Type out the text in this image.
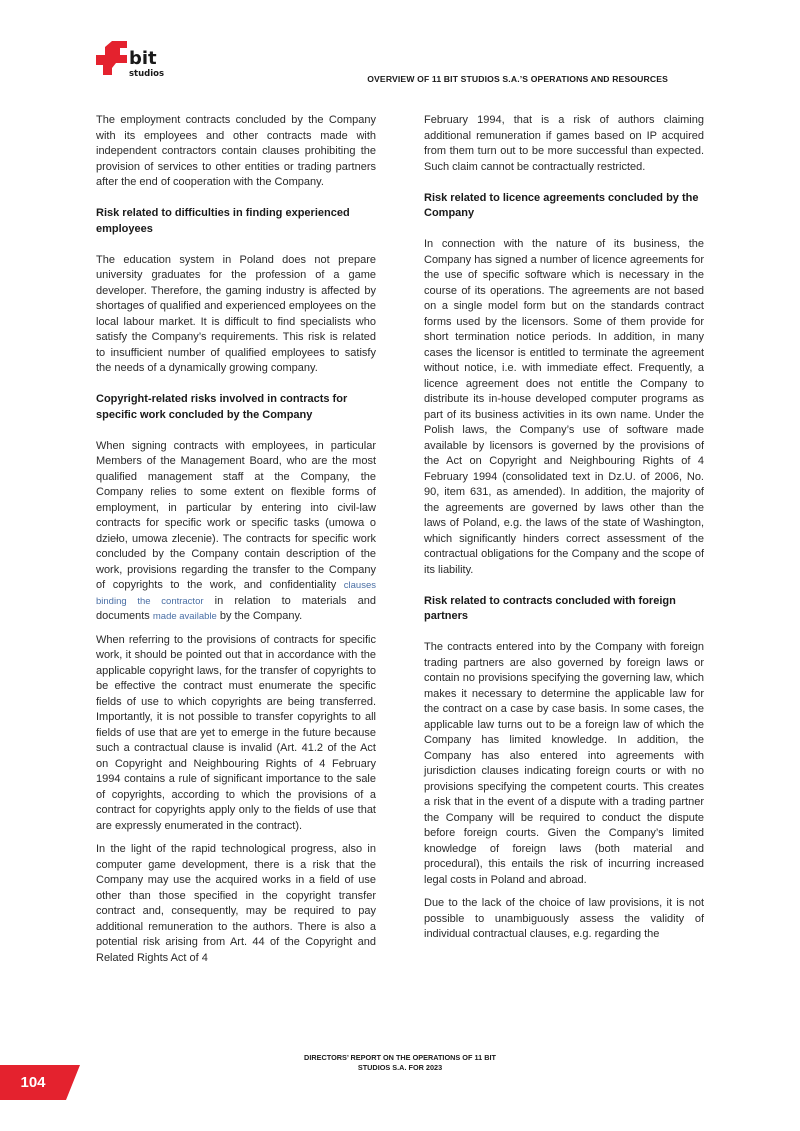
bit
studios	OVERVIEW OF 11 BIT STUDIOS S.A.’S OPERATIONS AND RESOURCES

The employment contracts concluded by the Company with its employees and other contracts made with independent contractors contain clauses prohibiting the provision of services to other entities or trading partners after the end of cooperation with the Company.

Risk related to difficulties in finding experienced employees

The education system in Poland does not prepare university graduates for the profession of a game developer. Therefore, the gaming industry is affected by shortages of qualified and experienced employees on the local labour market. It is difficult to find specialists who satisfy the Company’s requirements. This risk is related to insufficient number of qualified employees to satisfy the needs of a dynamically growing company.

Copyright-related risks involved in contracts for specific work concluded by the Company

When signing contracts with employees, in particular Members of the Management Board, who are the most qualified management staff at the Company, the Company relies to some extent on flexible forms of employment, in particular by entering into civil-law contracts for specific work or specific tasks (umowa o dzieło, umowa zlecenie). The contracts for specific work concluded by the Company contain description of the work, provisions regarding the transfer to the Company of copyrights to the work, and confidentiality clauses binding the contractor in relation to materials and documents made available by the Company.

When referring to the provisions of contracts for specific work, it should be pointed out that in accordance with the applicable copyright laws, for the transfer of copyrights to be effective the contract must enumerate the specific fields of use to which copyrights are being transferred. Importantly, it is not possible to transfer copyrights to all fields of use that are yet to emerge in the future because such a contractual clause is invalid (Art. 41.2 of the Act on Copyright and Neighbouring Rights of 4 February 1994 contains a rule of significant importance to the sale of copyrights, according to which the provisions of a contract for copyrights apply only to the fields of use that are expressly enumerated in the contract).

In the light of the rapid technological progress, also in computer game development, there is a risk that the Company may use the acquired works in a field of use other than those specified in the copyright transfer contract and, consequently, may be required to pay additional remuneration to the authors. There is also a potential risk arising from Art. 44 of the Copyright and Related Rights Act of 4

February 1994, that is a risk of authors claiming additional remuneration if games based on IP acquired from them turn out to be more successful than expected. Such claim cannot be contractually restricted.

Risk related to licence agreements concluded by the Company

In connection with the nature of its business, the Company has signed a number of licence agreements for the use of specific software which is necessary in the course of its operations. The agreements are not based on a single model form but on the standards contract forms used by the licensors. Some of them provide for short termination notice periods. In addition, in many cases the licensor is entitled to terminate the agreement without notice, i.e. with immediate effect. Frequently, a licence agreement does not entitle the Company to distribute its in-house developed computer programs as part of its business activities in its own name. Under the Polish laws, the Company’s use of software made available by licensors is governed by the provisions of the Act on Copyright and Neighbouring Rights of 4 February 1994 (consolidated text in Dz.U. of 2006, No. 90, item 631, as amended). In addition, the majority of the agreements are governed by laws other than the laws of Poland, e.g. the laws of the state of Washington, which significantly hinders correct assessment of the contractual obligations for the Company and the scope of its liability.

Risk related to contracts concluded with foreign partners

The contracts entered into by the Company with foreign trading partners are also governed by foreign laws or contain no provisions specifying the governing law, which makes it necessary to determine the applicable law for the contract on a case by case basis. In some cases, the applicable law turns out to be a foreign law of which the Company has limited knowledge. In addition, the Company has also entered into agreements with jurisdiction clauses indicating foreign courts or with no provisions specifying the competent courts. This creates a risk that in the event of a dispute with a trading partner the Company will be required to conduct the dispute before foreign courts. Given the Company’s limited knowledge of foreign laws (both material and procedural), this entails the risk of incurring increased legal costs in Poland and abroad.

Due to the lack of the choice of law provisions, it is not possible to unambiguously assess the validity of individual contractual clauses, e.g. regarding the

DIRECTORS’ REPORT ON THE OPERATIONS OF 11 BIT
STUDIOS S.A. FOR 2023
104
